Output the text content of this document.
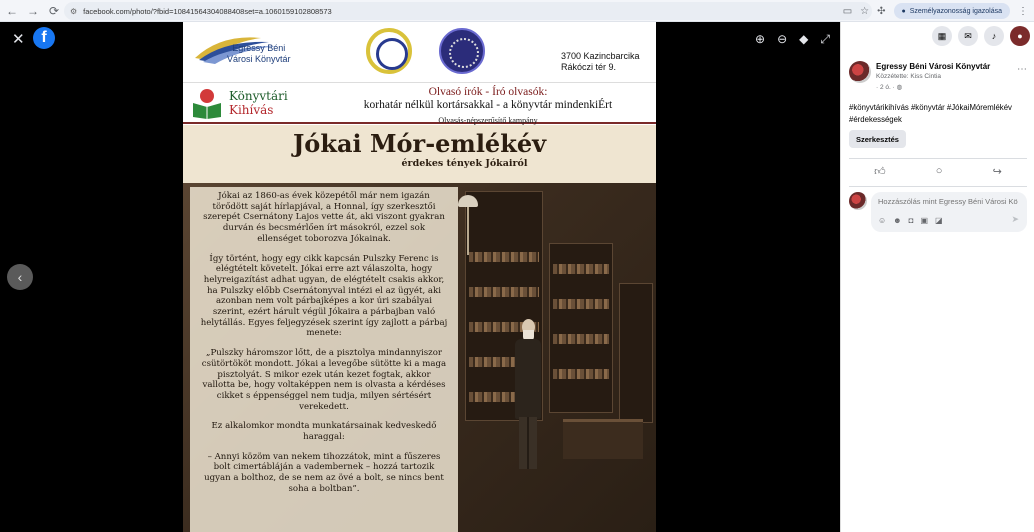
← → ⟳	⚙ facebook.com/photo/?fbid=10841564304088408set=a.1060159102808573	▭ ☆ ✣ ● Személyazonosság igazolása ⋮
✕	f
‹
⊕ ⊖ ◆ ⤢
Egressy Béni
Városi Könyvtár	3700 Kazincbarcika
Rákóczi tér 9.
Könyvtári
Kihívás
Olvasó írók - Író olvasók:
korhatár nélkül kortársakkal - a könyvtár mindenkiÉrt
Olvasás-népszerűsítő kampány
Jókai Mór-emlékév
érdekes tények Jókairól

Jókai az 1860-as évek közepétől már nem igazán törődött saját hírlapjával, a Honnal, így szerkesztői szerepét Csernátony Lajos vette át, aki viszont gyakran durván és becsmérlően írt másokról, ezzel sok ellenséget toborozva Jókainak.

Így történt, hogy egy cikk kapcsán Pulszky Ferenc is elégtételt követelt. Jókai erre azt válaszolta, hogy helyreigazítást adhat ugyan, de elégtételt csakis akkor, ha Pulszky előbb Csernátonyval intézi el az ügyét, aki azonban nem volt párbajképes a kor úri szabályai szerint, ezért hárult végül Jókaira a párbajban való helytállás. Egyes feljegyzések szerint így zajlott a párbaj menete:

„Pulszky háromszor lőtt, de a pisztolya mindannyiszor csütörtököt mondott. Jókai a levegőbe sütötte ki a maga pisztolyát. S mikor ezek után kezet fogtak, akkor vallotta be, hogy voltaképpen nem is olvasta a kérdéses cikket s éppenséggel nem tudja, milyen sértésért verekedett.

Ez alkalomkor mondta munkatársainak kedveskedő haraggal:

– Annyi közöm van nekem tihozzátok, mint a fűszeres bolt cimertábláján a vadembernek – hozzá tartozik ugyan a bolthoz, de se nem az övé a bolt, se nincs bent soha a boltban”.

▦	✉	♪	●
Egressy Béni Városi Könyvtár
Közzétette: Kiss Cintia
· 2 ó. · ◍
⋯
#könyvtárikihívás #könyvtár #JókaiMóremlékév #érdekességek
Szerkesztés
👍︎	○	↪
Hozzászólás mint Egressy Béni Városi Könyvtár
☺ ☻ ◘ ▣ ◪	➤
